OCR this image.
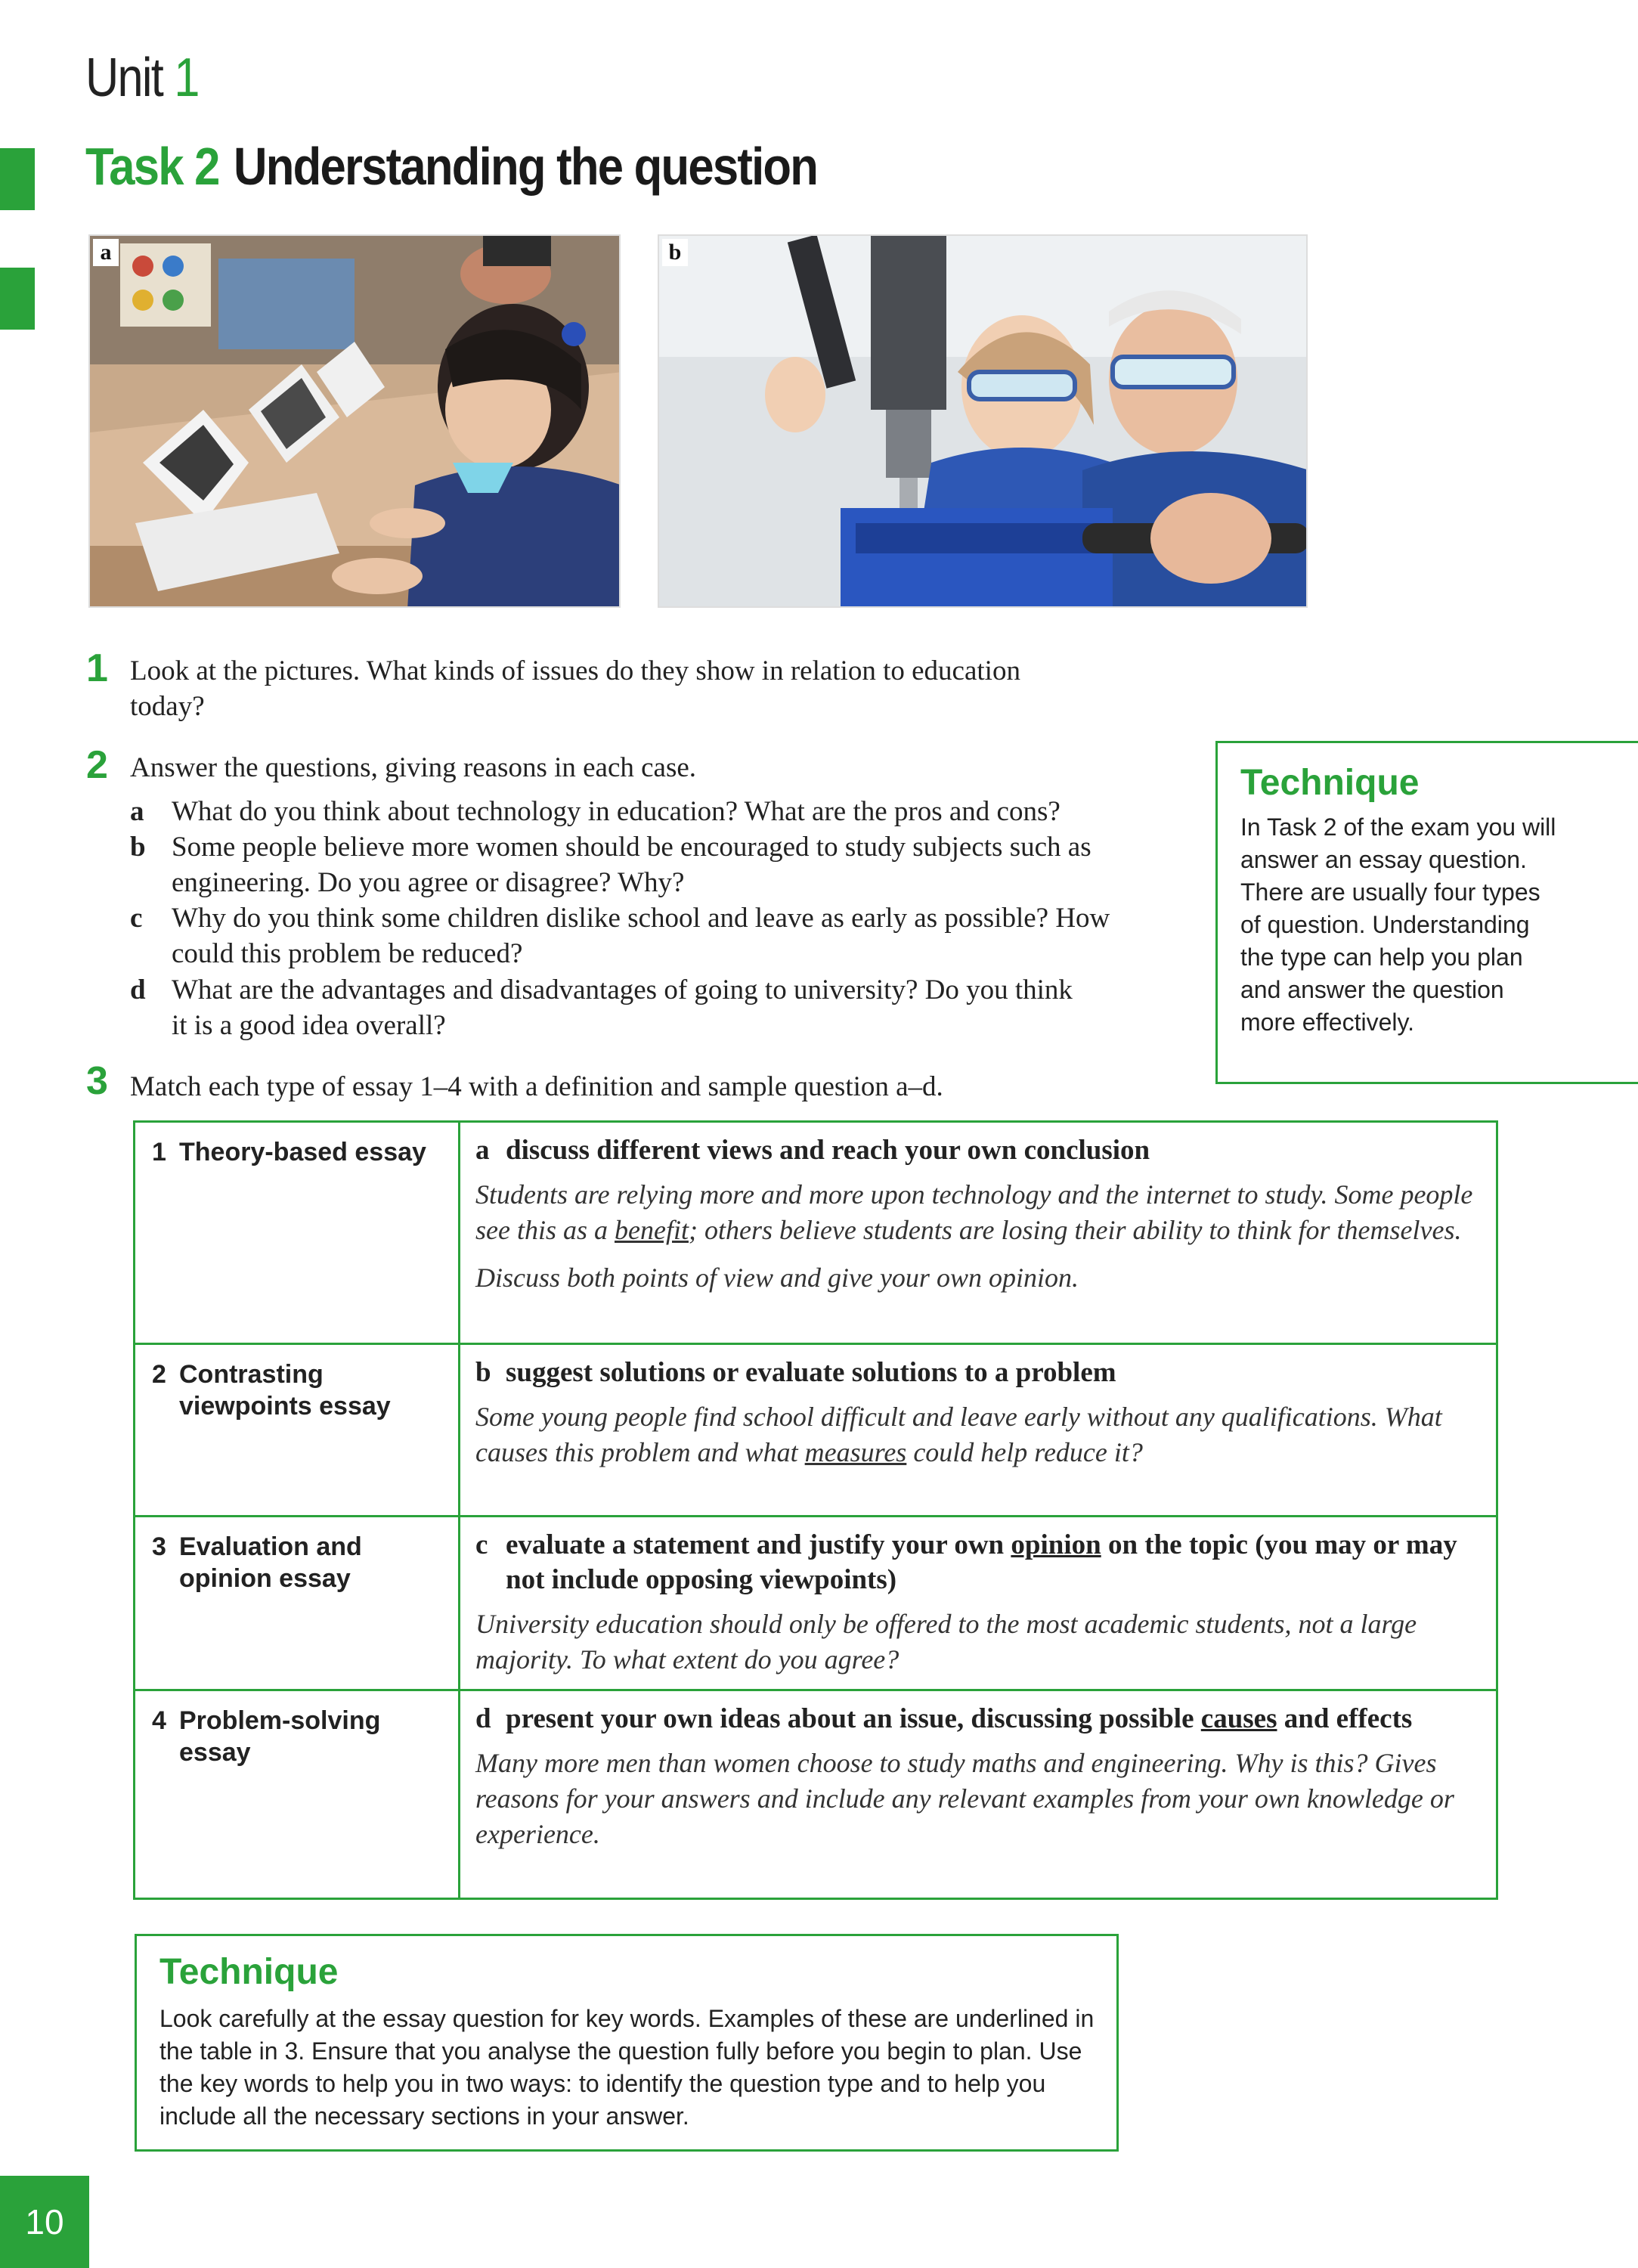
Unit 1
Task 2 Understanding the question
a	b
1 Look at the pictures. What kinds of issues do they show in relation to education today?
2 Answer the questions, giving reasons in each case.
a What do you think about technology in education? What are the pros and cons?
b Some people believe more women should be encouraged to study subjects such as engineering. Do you agree or disagree? Why?
c Why do you think some children dislike school and leave as early as possible? How could this problem be reduced?
d What are the advantages and disadvantages of going to university? Do you think it is a good idea overall?
Technique
In Task 2 of the exam you will answer an essay question. There are usually four types of question. Understanding the type can help you plan and answer the question more effectively.
3 Match each type of essay 1–4 with a definition and sample question a–d.
1 Theory-based essay	a discuss different views and reach your own conclusion
Students are relying more and more upon technology and the internet to study. Some people see this as a benefit; others believe students are losing their ability to think for themselves.
Discuss both points of view and give your own opinion.

2 Contrasting viewpoints essay	b suggest solutions or evaluate solutions to a problem
Some young people find school difficult and leave early without any qualifications. What causes this problem and what measures could help reduce it?

3 Evaluation and opinion essay	c evaluate a statement and justify your own opinion on the topic (you may or may not include opposing viewpoints)
University education should only be offered to the most academic students, not a large majority. To what extent do you agree?

4 Problem-solving essay	d present your own ideas about an issue, discussing possible causes and effects
Many more men than women choose to study maths and engineering. Why is this? Gives reasons for your answers and include any relevant examples from your own knowledge or experience.
Technique
Look carefully at the essay question for key words. Examples of these are underlined in the table in 3. Ensure that you analyse the question fully before you begin to plan. Use the key words to help you in two ways: to identify the question type and to help you include all the necessary sections in your answer.
10
